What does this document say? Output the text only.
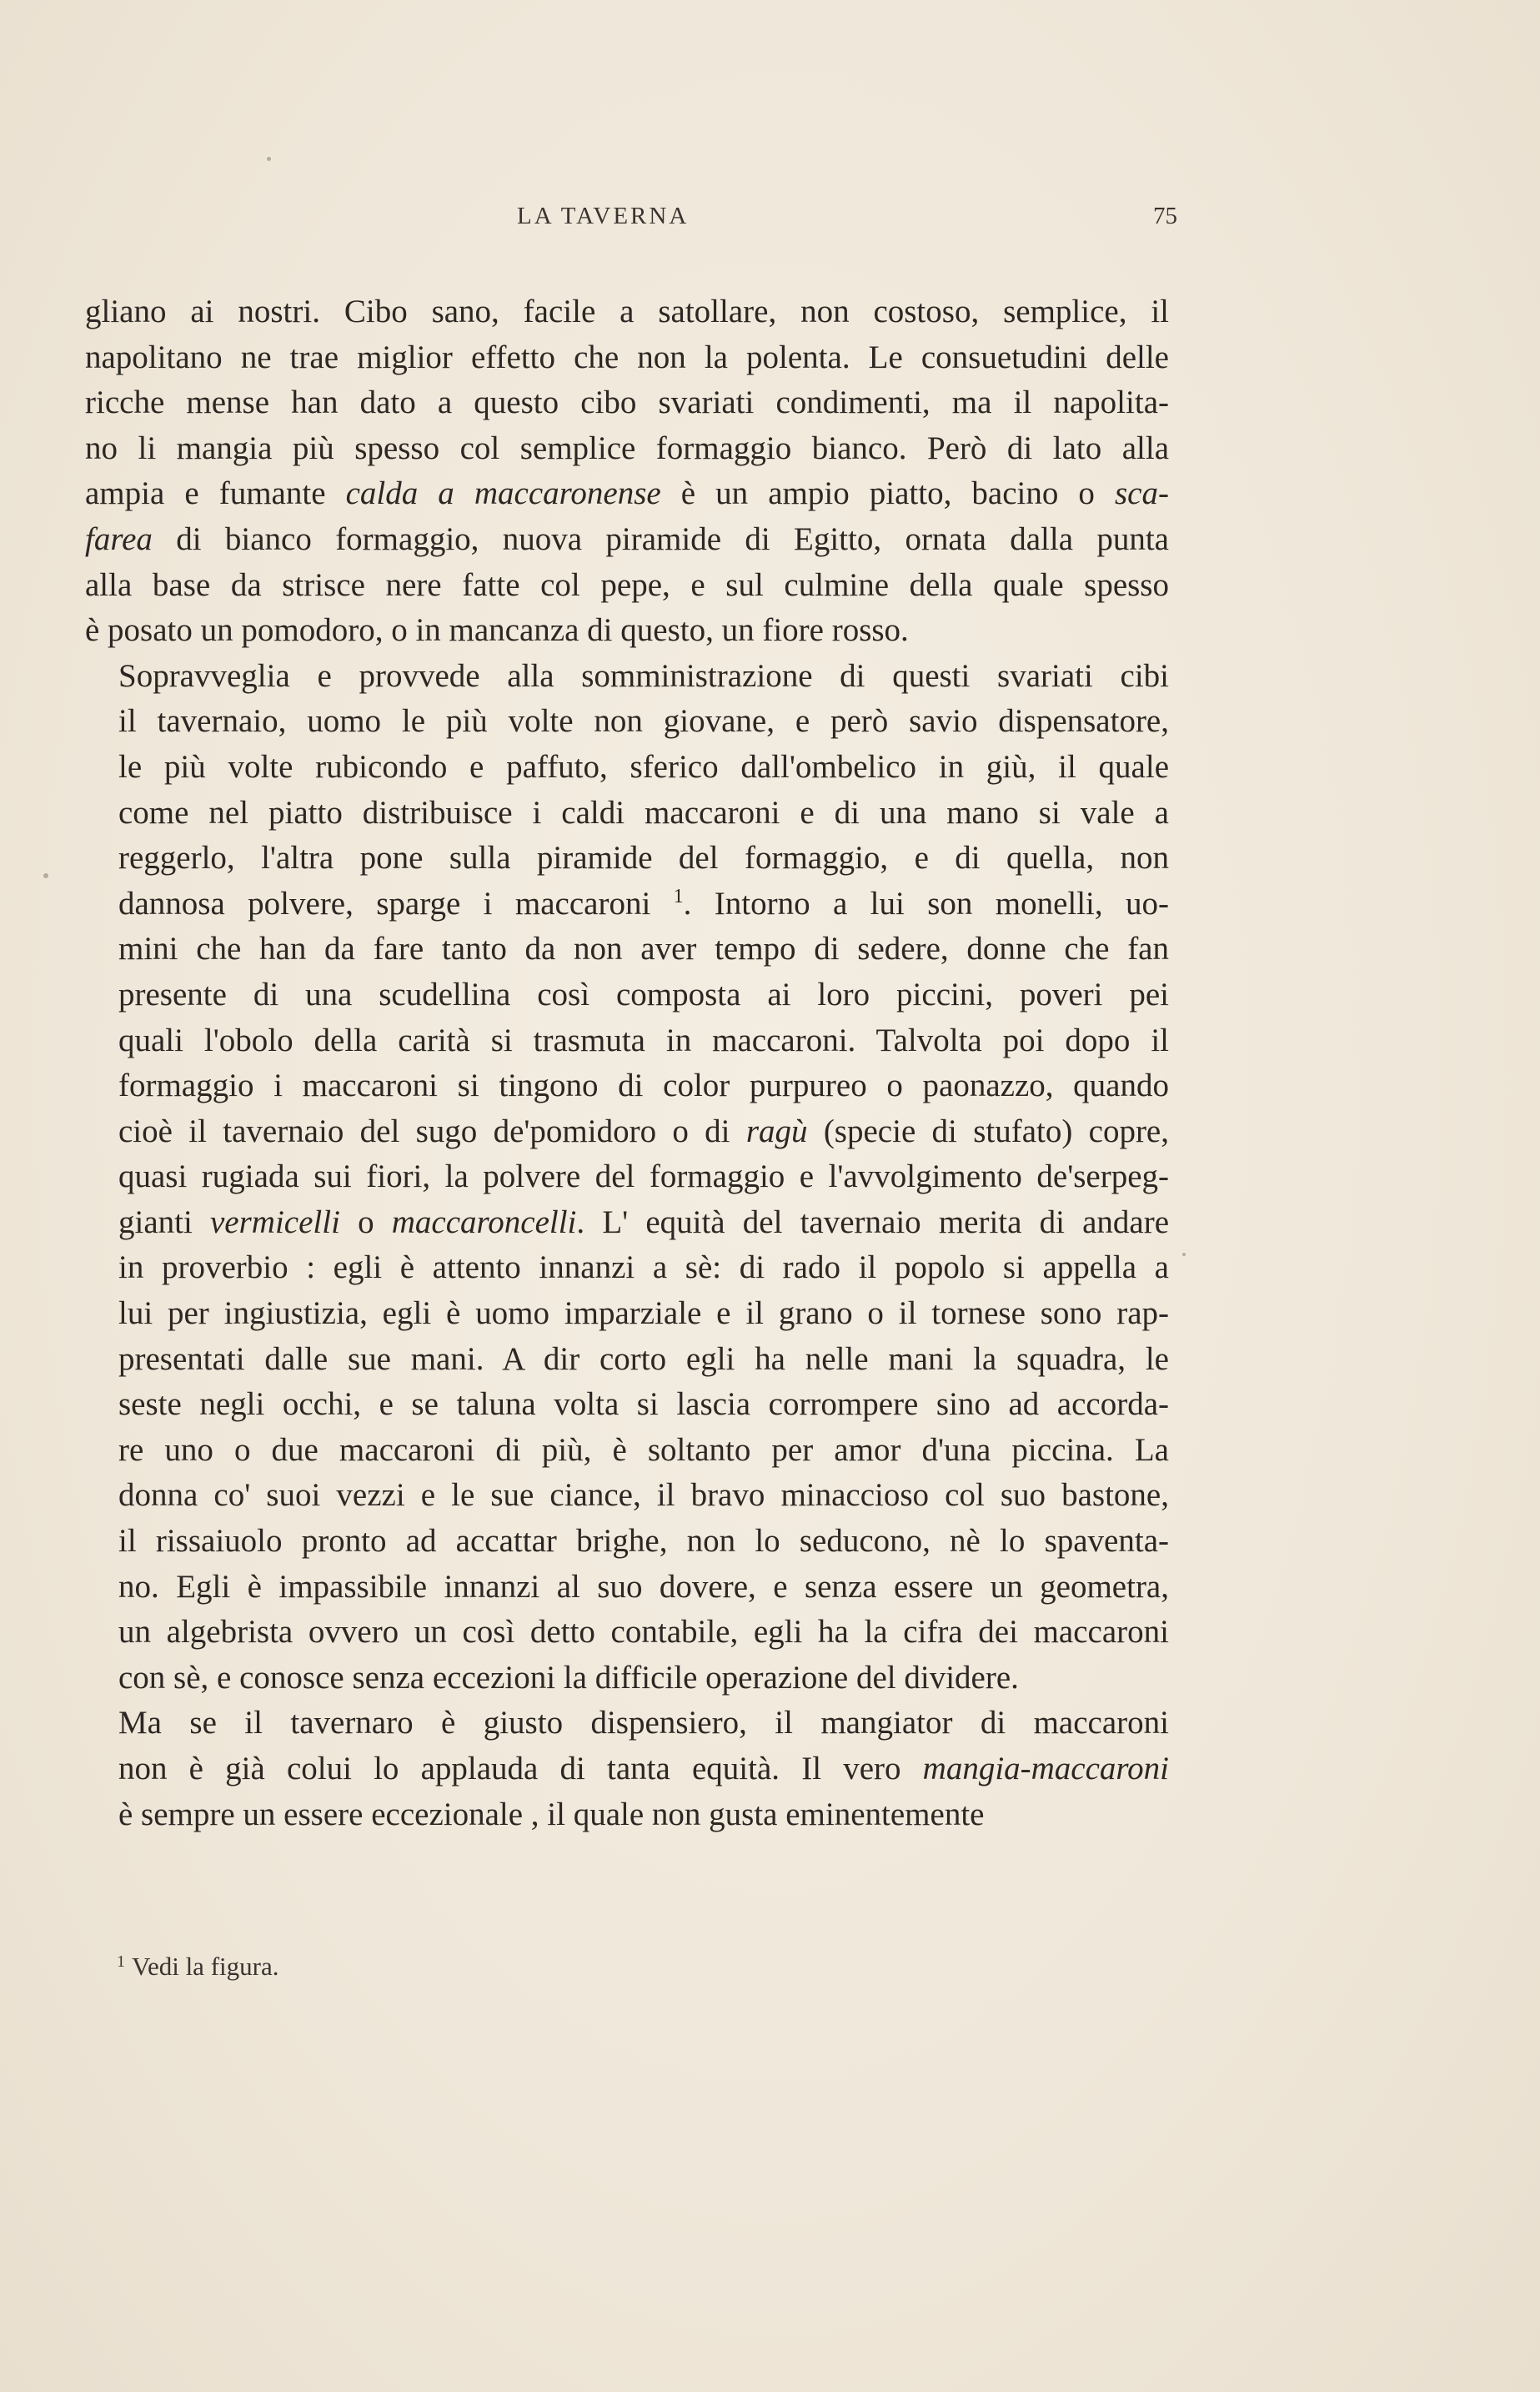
LA TAVERNA	75

gliano ai nostri. Cibo sano, facile a satollare, non costoso, semplice, il
napolitano ne trae miglior effetto che non la polenta. Le consuetudini delle
ricche mense han dato a questo cibo svariati condimenti, ma il napolita-
no li mangia più spesso col semplice formaggio bianco. Però di lato alla
ampia e fumante calda a maccaronense è un ampio piatto, bacino o sca-
farea di bianco formaggio, nuova piramide di Egitto, ornata dalla punta
alla base da strisce nere fatte col pepe, e sul culmine della quale spesso
è posato un pomodoro, o in mancanza di questo, un fiore rosso.

Sopravveglia e provvede alla somministrazione di questi svariati cibi
il tavernaio, uomo le più volte non giovane, e però savio dispensatore,
le più volte rubicondo e paffuto, sferico dall'ombelico in giù, il quale
come nel piatto distribuisce i caldi maccaroni e di una mano si vale a
reggerlo, l'altra pone sulla piramide del formaggio, e di quella, non
dannosa polvere, sparge i maccaroni $^1$. Intorno a lui son monelli, uo-
mini che han da fare tanto da non aver tempo di sedere, donne che fan
presente di una scudellina così composta ai loro piccini, poveri pei
quali l'obolo della carità si trasmuta in maccaroni. Talvolta poi dopo il
formaggio i maccaroni si tingono di color purpureo o paonazzo, quando
cioè il tavernaio del sugo de'pomidoro o di ragù (specie di stufato) copre,
quasi rugiada sui fiori, la polvere del formaggio e l'avvolgimento de'serpeg-
gianti vermicelli o maccaroncelli. L' equità del tavernaio merita di andare
in proverbio : egli è attento innanzi a sè: di rado il popolo si appella a
lui per ingiustizia, egli è uomo imparziale e il grano o il tornese sono rap-
presentati dalle sue mani. A dir corto egli ha nelle mani la squadra, le
seste negli occhi, e se taluna volta si lascia corrompere sino ad accorda-
re uno o due maccaroni di più, è soltanto per amor d'una piccina. La
donna co' suoi vezzi e le sue ciance, il bravo minaccioso col suo bastone,
il rissaiuolo pronto ad accattar brighe, non lo seducono, nè lo spaventa-
no. Egli è impassibile innanzi al suo dovere, e senza essere un geometra,
un algebrista ovvero un così detto contabile, egli ha la cifra dei maccaroni
con sè, e conosce senza eccezioni la difficile operazione del dividere.

Ma se il tavernaro è giusto dispensiero, il mangiator di maccaroni
non è già colui lo applauda di tanta equità. Il vero mangia-maccaroni
è sempre un essere eccezionale , il quale non gusta eminentemente

$^1$ Vedi la figura.
